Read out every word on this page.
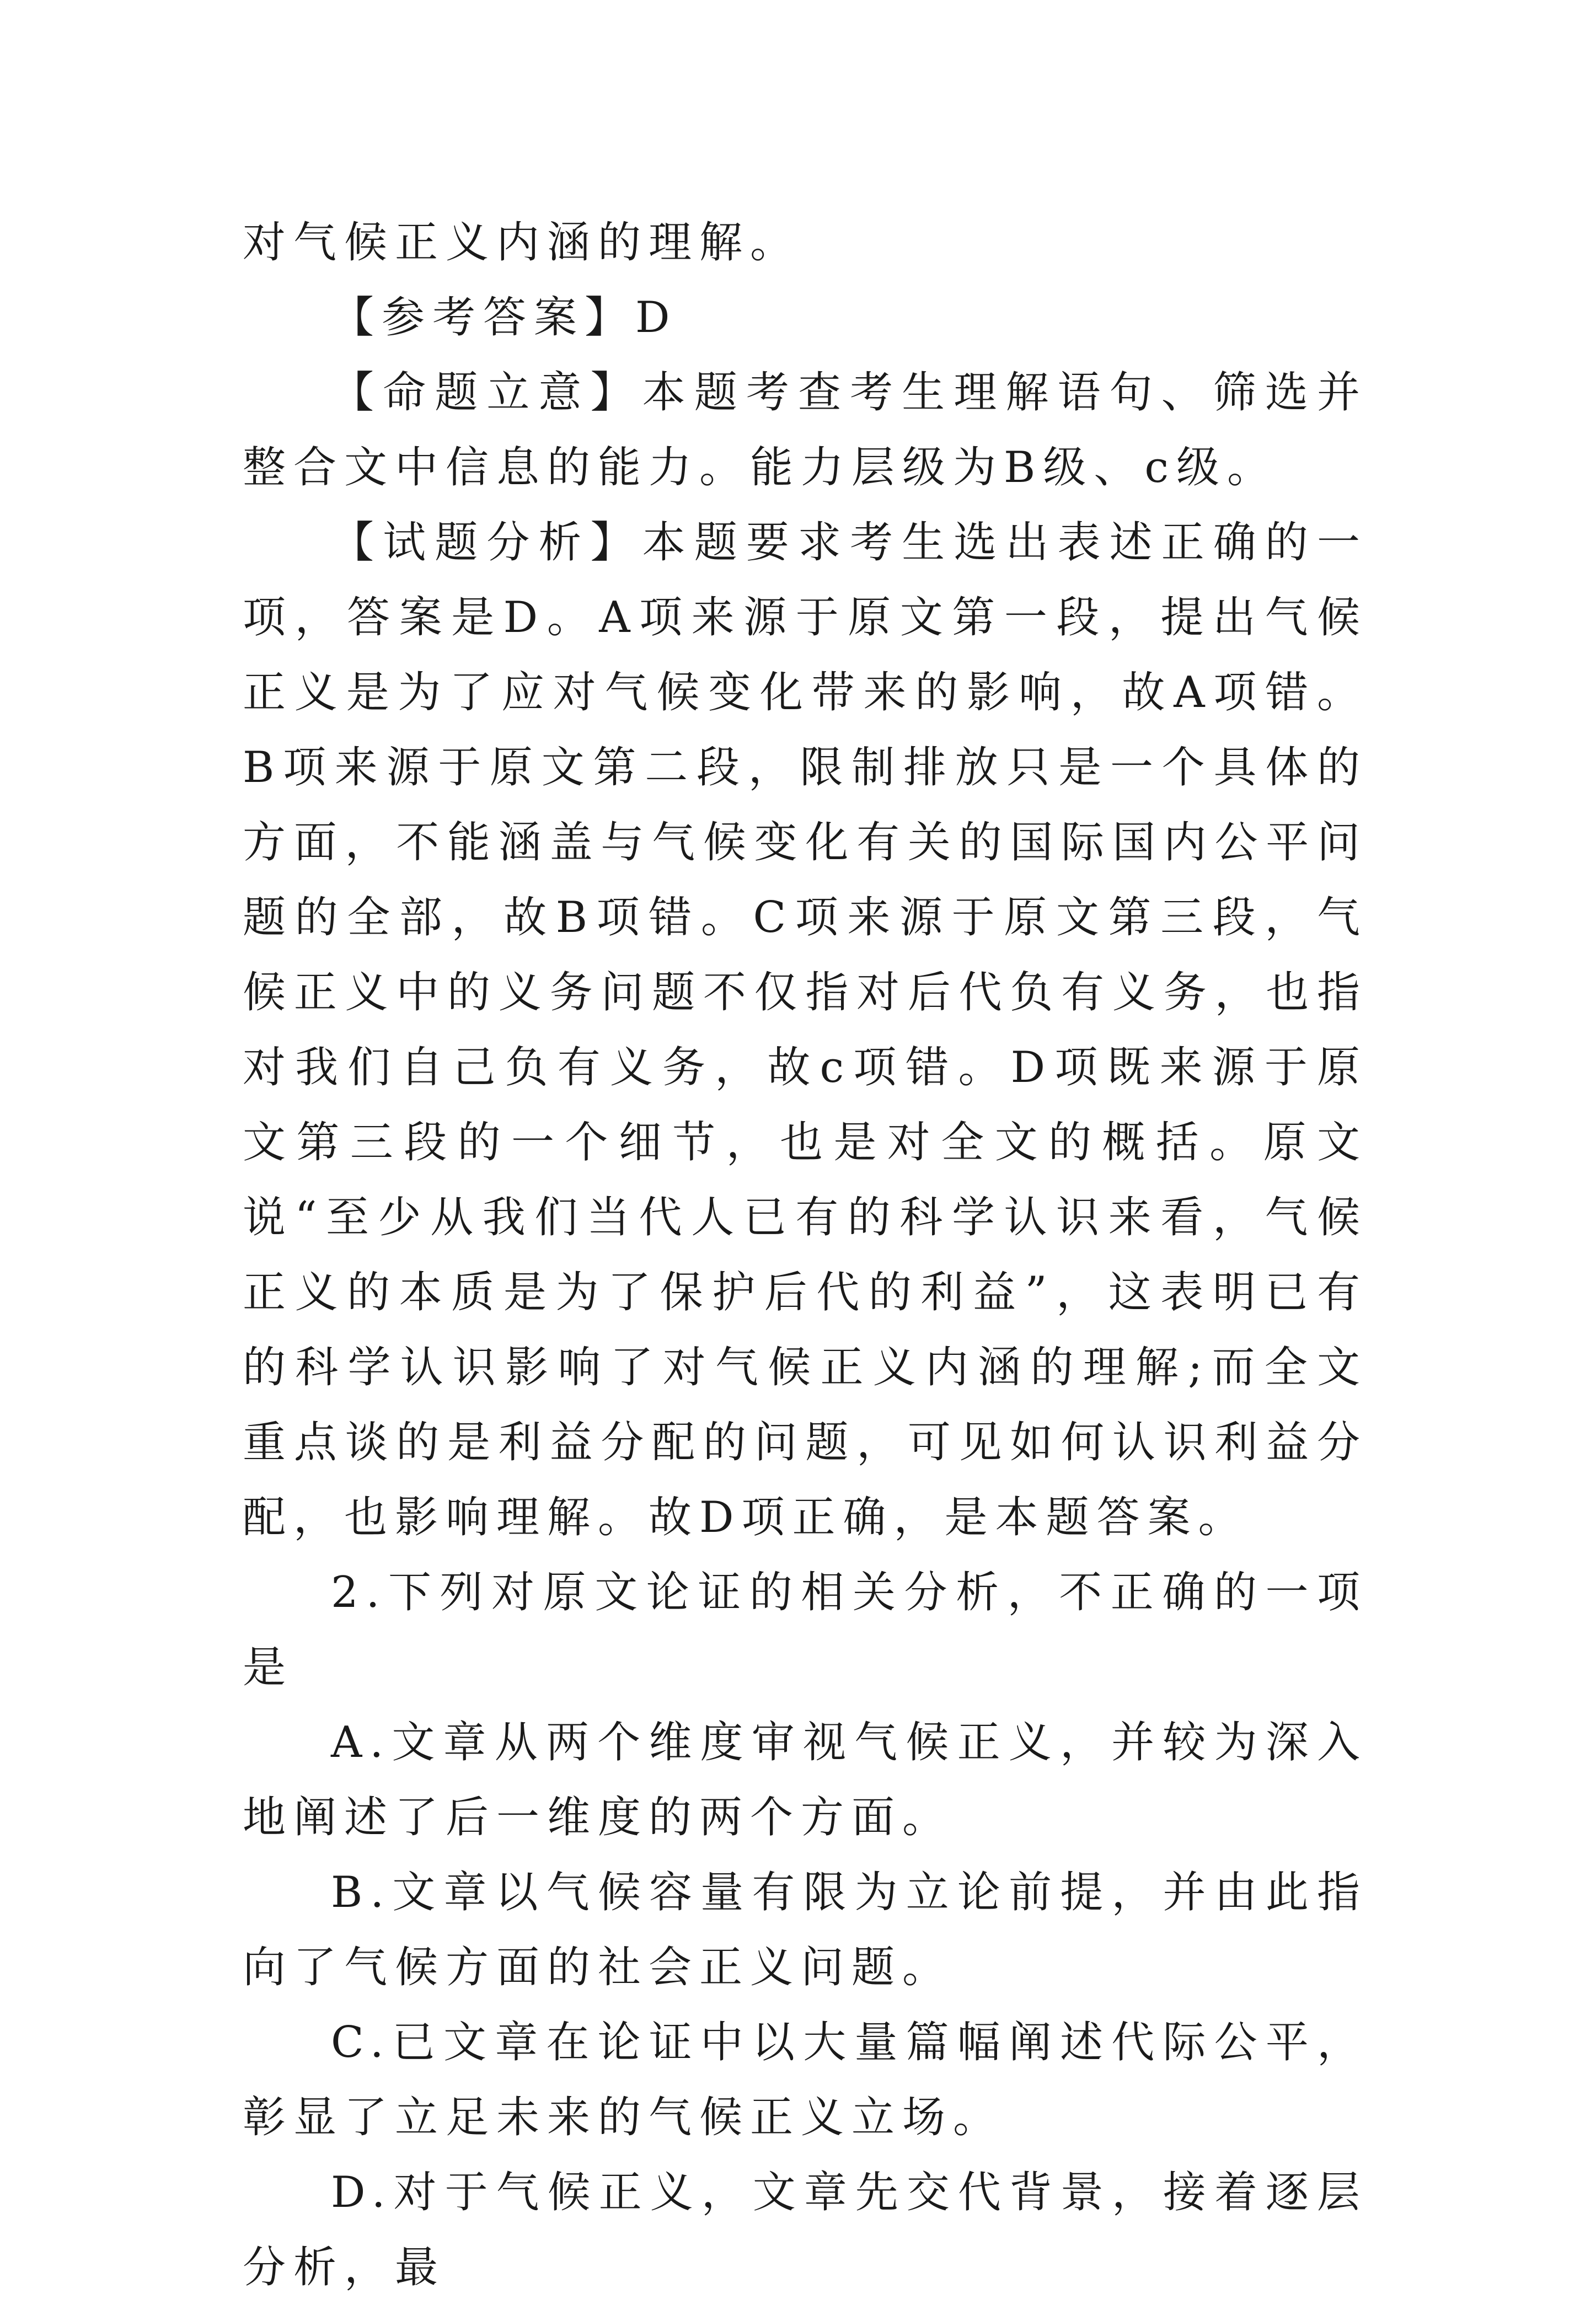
对气候正义内涵的理解。

【参考答案】D

【命题立意】本题考查考生理解语句、筛选并整合文中信息的能力。能力层级为B级、c级。

【试题分析】本题要求考生选出表述正确的一项，答案是D。A项来源于原文第一段，提出气候正义是为了应对气候变化带来的影响，故A项错。B项来源于原文第二段，限制排放只是一个具体的方面，不能涵盖与气候变化有关的国际国内公平问题的全部，故B项错。C项来源于原文第三段，气候正义中的义务问题不仅指对后代负有义务，也指对我们自己负有义务，故c项错。D项既来源于原文第三段的一个细节，也是对全文的概括。原文说“至少从我们当代人已有的科学认识来看，气候正义的本质是为了保护后代的利益”，这表明已有的科学认识影响了对气候正义内涵的理解;而全文重点谈的是利益分配的问题，可见如何认识利益分配，也影响理解。故D项正确，是本题答案。

2.下列对原文论证的相关分析，不正确的一项是

A.文章从两个维度审视气候正义，并较为深入地阐述了后一维度的两个方面。

B.文章以气候容量有限为立论前提，并由此指向了气候方面的社会正义问题。

C.已文章在论证中以大量篇幅阐述代际公平，彰显了立足未来的气候正义立场。

D.对于气候正义，文章先交代背景，接着逐层分析，最
